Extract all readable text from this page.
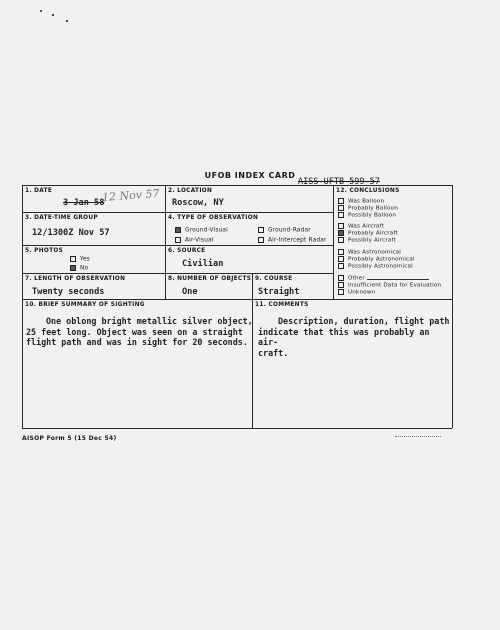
UFOB INDEX CARD
AISS-UFTB-599-57
1. DATE
3 Jan 58
12 Nov 57 2. LOCATION
Roscow, NY
3. DATE-TIME GROUP
12/1300Z Nov 57
4. TYPE OF OBSERVATION
Ground-Visual	Ground-Radar
Air-Visual	Air-Intercept Radar
5. PHOTOS
Yes
No
6. SOURCE
Civilian
7. LENGTH OF OBSERVATION
Twenty seconds
8. NUMBER OF OBJECTS
One
9. COURSE
Straight
10. BRIEF SUMMARY OF SIGHTING
One oblong bright metallic silver object,
25 feet long. Object was seen on a straight
flight path and was in sight for 20 seconds.
11. COMMENTS
Description, duration, flight path
indicate that this was probably an air-
craft.
12. CONCLUSIONS
Was Balloon
Probably Balloon
Possibly Balloon
Was Aircraft
Probably Aircraft
Possibly Aircraft
Was Astronomical
Probably Astronomical
Possibly Astronomical
Other
Insufficient Data for Evaluation
Unknown
AISOP Form 5 (15 Dec 54)
